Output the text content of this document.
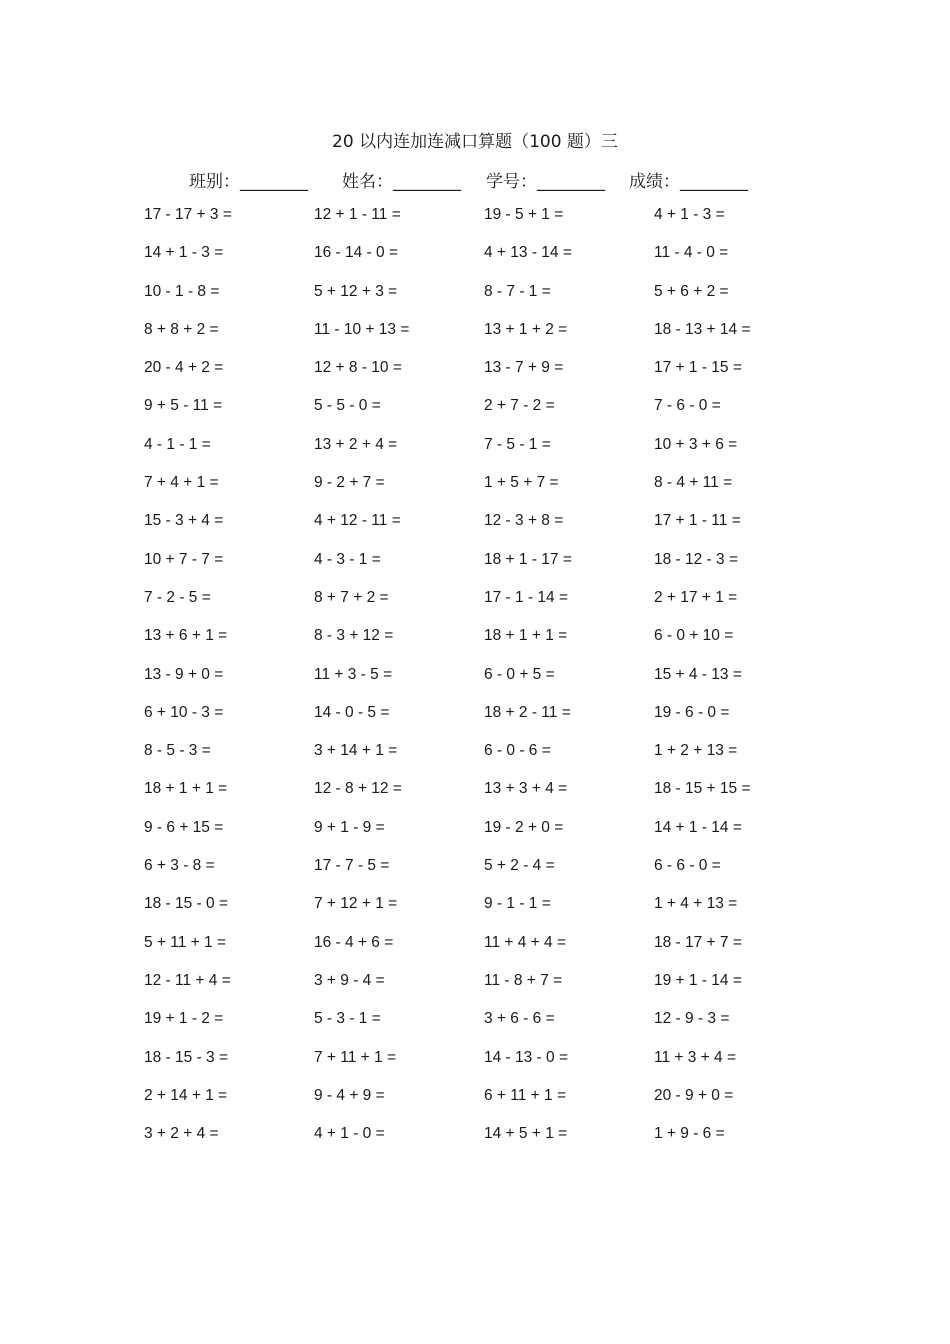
20 以内连加连减口算题（100 题）三
班别：________ 姓名：________ 学号：________ 成绩：________
17 - 17 + 3 =	12 + 1 - 11 =	19 - 5 + 1 =	4 + 1 - 3 =
14 + 1 - 3 =	16 - 14 - 0 =	4 + 13 - 14 =	11 - 4 - 0 =
10 - 1 - 8 =	5 + 12 + 3 =	8 - 7 - 1 =	5 + 6 + 2 =
8 + 8 + 2 =	11 - 10 + 13 =	13 + 1 + 2 =	18 - 13 + 14 =
20 - 4 + 2 =	12 + 8 - 10 =	13 - 7 + 9 =	17 + 1 - 15 =
9 + 5 - 11 =	5 - 5 - 0 =	2 + 7 - 2 =	7 - 6 - 0 =
4 - 1 - 1 =	13 + 2 + 4 =	7 - 5 - 1 =	10 + 3 + 6 =
7 + 4 + 1 =	9 - 2 + 7 =	1 + 5 + 7 =	8 - 4 + 11 =
15 - 3 + 4 =	4 + 12 - 11 =	12 - 3 + 8 =	17 + 1 - 11 =
10 + 7 - 7 =	4 - 3 - 1 =	18 + 1 - 17 =	18 - 12 - 3 =
7 - 2 - 5 =	8 + 7 + 2 =	17 - 1 - 14 =	2 + 17 + 1 =
13 + 6 + 1 =	8 - 3 + 12 =	18 + 1 + 1 =	6 - 0 + 10 =
13 - 9 + 0 =	11 + 3 - 5 =	6 - 0 + 5 =	15 + 4 - 13 =
6 + 10 - 3 =	14 - 0 - 5 =	18 + 2 - 11 =	19 - 6 - 0 =
8 - 5 - 3 =	3 + 14 + 1 =	6 - 0 - 6 =	1 + 2 + 13 =
18 + 1 + 1 =	12 - 8 + 12 =	13 + 3 + 4 =	18 - 15 + 15 =
9 - 6 + 15 =	9 + 1 - 9 =	19 - 2 + 0 =	14 + 1 - 14 =
6 + 3 - 8 =	17 - 7 - 5 =	5 + 2 - 4 =	6 - 6 - 0 =
18 - 15 - 0 =	7 + 12 + 1 =	9 - 1 - 1 =	1 + 4 + 13 =
5 + 11 + 1 =	16 - 4 + 6 =	11 + 4 + 4 =	18 - 17 + 7 =
12 - 11 + 4 =	3 + 9 - 4 =	11 - 8 + 7 =	19 + 1 - 14 =
19 + 1 - 2 =	5 - 3 - 1 =	3 + 6 - 6 =	12 - 9 - 3 =
18 - 15 - 3 =	7 + 11 + 1 =	14 - 13 - 0 =	11 + 3 + 4 =
2 + 14 + 1 =	9 - 4 + 9 =	6 + 11 + 1 =	20 - 9 + 0 =
3 + 2 + 4 =	4 + 1 - 0 =	14 + 5 + 1 =	1 + 9 - 6 =
